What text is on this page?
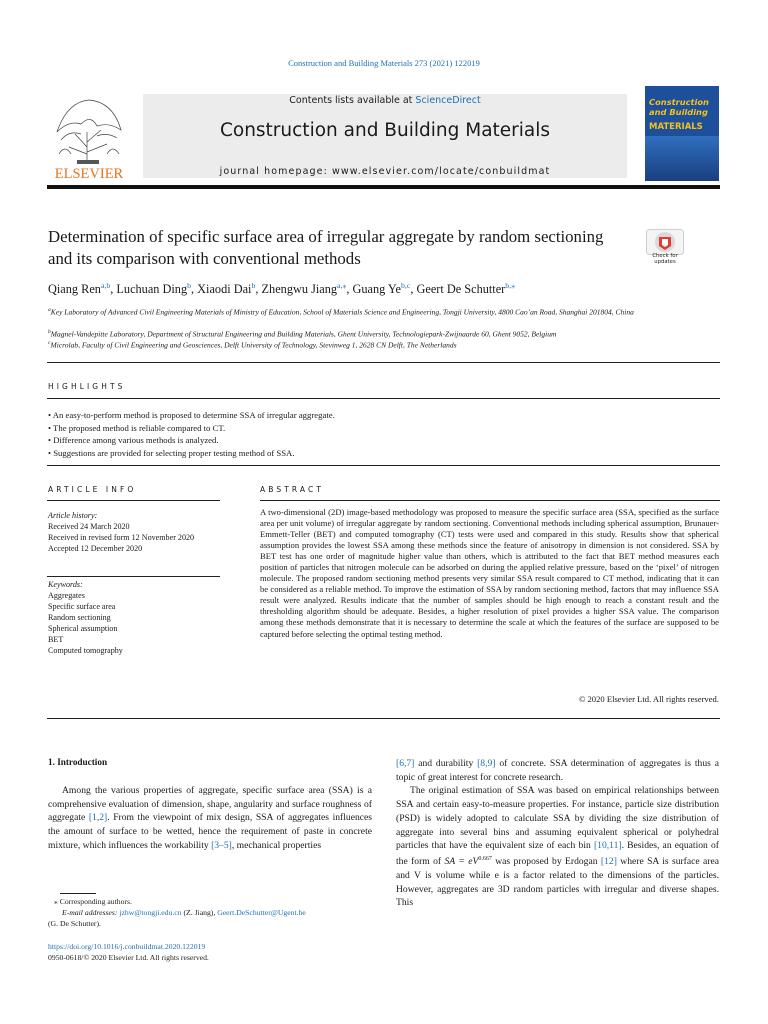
Construction and Building Materials 273 (2021) 122019
ELSEVIER
Contents lists available at ScienceDirect
Construction and Building Materials
journal homepage: www.elsevier.com/locate/conbuildmat
Construction
and Building
MATERIALS
Determination of specific surface area of irregular aggregate by random sectioning and its comparison with conventional methods	Check for
updates
Qiang Ren$^{a,b}$, Luchuan Ding$^b$, Xiaodi Dai$^b$, Zhengwu Jiang$^{a,⁎}$, Guang Ye$^{b,c}$, Geert De Schutter$^{b,⁎}$
$^a$Key Laboratory of Advanced Civil Engineering Materials of Ministry of Education, School of Materials Science and Engineering, Tongji University, 4800 Cao’an Road, Shanghai 201804, China
$^b$Magnel-Vandepitte Laboratory, Department of Structural Engineering and Building Materials, Ghent University, Technologiepark-Zwijnaarde 60, Ghent 9052, Belgium
$^c$Microlab, Faculty of Civil Engineering and Geosciences, Delft University of Technology, Stevinweg 1, 2628 CN Delft, The Netherlands
HIGHLIGHTS
• An easy-to-perform method is proposed to determine SSA of irregular aggregate.
• The proposed method is reliable compared to CT.
• Difference among various methods is analyzed.
• Suggestions are provided for selecting proper testing method of SSA.
ARTICLE INFO	ABSTRACT
Article history:
Received 24 March 2020
Received in revised form 12 November 2020
Accepted 12 December 2020
Keywords:
Aggregates
Specific surface area
Random sectioning
Spherical assumption
BET
Computed tomography
A two-dimensional (2D) image-based methodology was proposed to measure the specific surface area (SSA, specified as the surface area per unit volume) of irregular aggregate by random sectioning. Conventional methods including spherical assumption, Brunauer-Emmett-Teller (BET) and computed tomography (CT) tests were used and compared in this study. Results show that spherical assumption provides the lowest SSA among these methods since the feature of anisotropy in dimension is not considered. SSA by BET test has one order of magnitude higher value than others, which is attributed to the fact that BET method measures each position of particles that nitrogen molecule can be adsorbed on during the applied relative pressure, based on the ‘pixel’ of nitrogen molecule. The proposed random sectioning method presents very similar SSA result compared to CT method, indicating that it can be considered as a reliable method. To improve the estimation of SSA by random sectioning method, factors that may influence SSA result were analyzed. Results indicate that the number of samples should be high enough to reach a constant result and the thresholding algorithm should be adequate. Besides, a higher resolution of pixel provides a higher SSA value. The comparison among these methods demonstrate that it is necessary to determine the scale at which the features of the surface are supposed to be captured before selecting the optimal testing method.
© 2020 Elsevier Ltd. All rights reserved.
1. Introduction

Among the various properties of aggregate, specific surface area (SSA) is a comprehensive evaluation of dimension, shape, angularity and surface roughness of aggregate [1,2]. From the viewpoint of mix design, SSA of aggregates influences the amount of surface to be wetted, hence the requirement of paste in concrete mixture, which influences the workability [3–5], mechanical properties

[6,7] and durability [8,9] of concrete. SSA determination of aggregates is thus a topic of great interest for concrete research.

The original estimation of SSA was based on empirical relationships between SSA and certain easy-to-measure properties. For instance, particle size distribution (PSD) is widely adopted to calculate SSA by dividing the size distribution of aggregate into several bins and assuming equivalent spherical or polyhedral particles that have the equivalent size of each bin [10,11]. Besides, an equation of the form of SA = $eV^{0.667}$ was proposed by Erdogan [12] where SA is surface area and V is volume while e is a factor related to the dimensions of the particles. However, aggregates are 3D random particles with irregular and diverse shapes. This

⁎ Corresponding authors.
E-mail addresses: jzhw@tongji.edu.cn (Z. Jiang), Geert.DeSchutter@Ugent.be
(G. De Schutter).
https://doi.org/10.1016/j.conbuildmat.2020.122019
0950-0618/© 2020 Elsevier Ltd. All rights reserved.
